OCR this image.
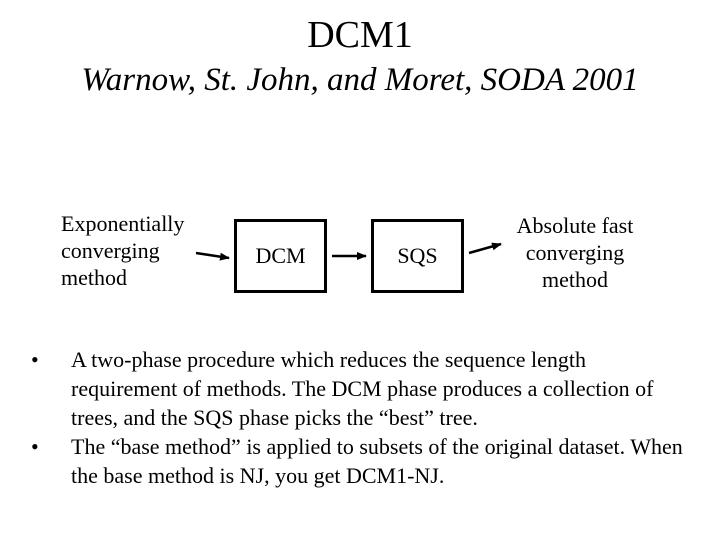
DCM1
Warnow, St. John, and Moret, SODA 2001
Exponentially
converging
method
DCM	SQS
Absolute fast
converging
method
• A two-phase procedure which reduces the sequence length requirement of methods. The DCM phase produces a collection of trees, and the SQS phase picks the “best” tree.
• The “base method” is applied to subsets of the original dataset. When the base method is NJ, you get DCM1-NJ.
